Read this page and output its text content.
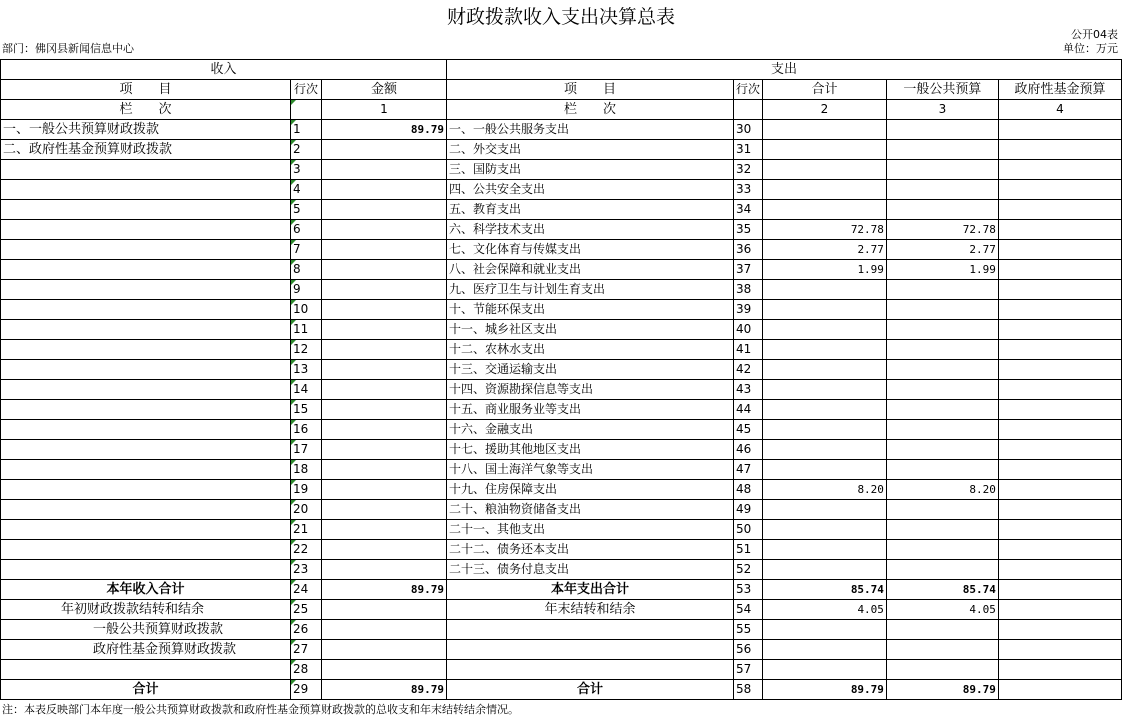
财政拨款收入支出决算总表
公开04表
单位：万元
部门：佛冈县新闻信息中心
收入			支出				
项　　目	行次	金额	项　　目	行次	合计	一般公共预算	政府性基金预算
栏　　次		1	栏　　次		2	3	4
一、一般公共预算财政拨款	1	89.79	一、一般公共服务支出	30			
二、政府性基金预算财政拨款	2		二、外交支出	31			
	3		三、国防支出	32			
	4		四、公共安全支出	33			
	5		五、教育支出	34			
	6		六、科学技术支出	35	72.78	72.78	
	7		七、文化体育与传媒支出	36	2.77	2.77	
	8		八、社会保障和就业支出	37	1.99	1.99	
	9		九、医疗卫生与计划生育支出	38			
	10		十、节能环保支出	39			
	11		十一、城乡社区支出	40			
	12		十二、农林水支出	41			
	13		十三、交通运输支出	42			
	14		十四、资源勘探信息等支出	43			
	15		十五、商业服务业等支出	44			
	16		十六、金融支出	45			
	17		十七、援助其他地区支出	46			
	18		十八、国土海洋气象等支出	47			
	19		十九、住房保障支出	48	8.20	8.20	
	20		二十、粮油物资储备支出	49			
	21		二十一、其他支出	50			
	22		二十二、债务还本支出	51			
	23		二十三、债务付息支出	52			
本年收入合计	24	89.79	本年支出合计	53	85.74	85.74	
年初财政拨款结转和结余	25		年末结转和结余	54	4.05	4.05	
一般公共预算财政拨款	26			55			
政府性基金预算财政拨款	27			56			
	28			57			
合计	29	89.79	合计	58	89.79	89.79	
注：本表反映部门本年度一般公共预算财政拨款和政府性基金预算财政拨款的总收支和年末结转结余情况。
